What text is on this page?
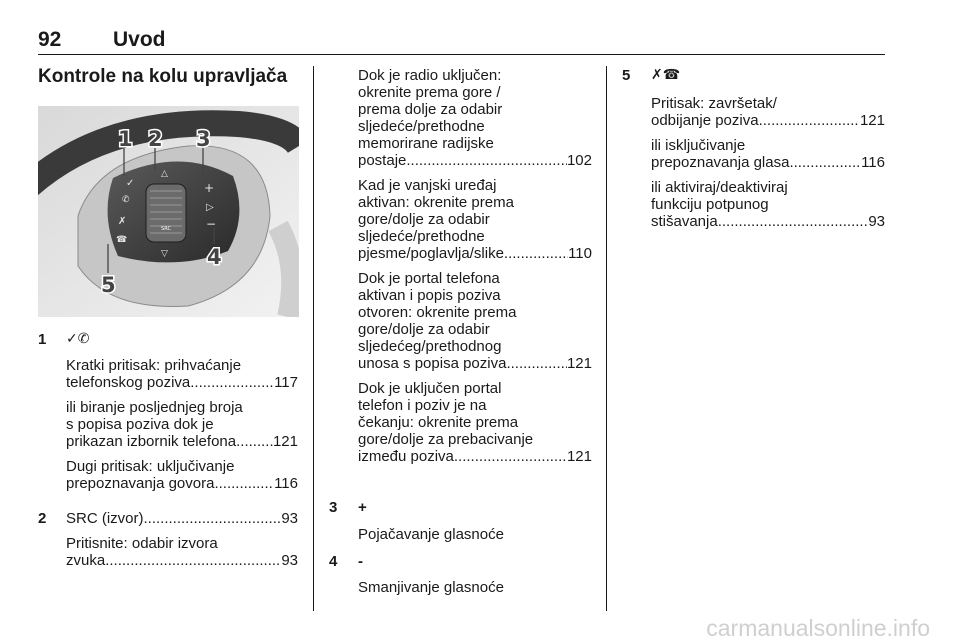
92 Uvod
Kontrole na kolu upravljača
SRC
✓
✆
✗
☎
+
▷
−
△
▽
1 2 3
4
5
1 ✓✆
Kratki pritisak: prihvaćanje
telefonskog poziva .....	117
ili biranje posljednjeg broja
s popisa poziva dok je
prikazan izbornik telefona ..... 121
Dugi pritisak: uključivanje
prepoznavanja govora .....	116
2 SRC (izvor) .....	93
Pritisnite: odabir izvora
zvuka .....	93
Dok je radio uključen:
okrenite prema gore /
prema dolje za odabir
sljedeće/prethodne
memorirane radijske
postaje .....	102
Kad je vanjski uređaj
aktivan: okrenite prema
gore/dolje za odabir
sljedeće/prethodne
pjesme/poglavlja/slike .....	110
Dok je portal telefona
aktivan i popis poziva
otvoren: okrenite prema
gore/dolje za odabir
sljedećeg/prethodnog
unosa s popisa poziva .....	121
Dok je uključen portal
telefon i poziv je na
čekanju: okrenite prema
gore/dolje za prebacivanje
između poziva .....	121
3 +
Pojačavanje glasnoće
4 -
Smanjivanje glasnoće
5 ✗☎
Pritisak: završetak/
odbijanje poziva .....	121
ili isključivanje
prepoznavanja glasa .....	116
ili aktiviraj/deaktiviraj
funkciju potpunog
stišavanja .....	93
carmanualsonline.info
